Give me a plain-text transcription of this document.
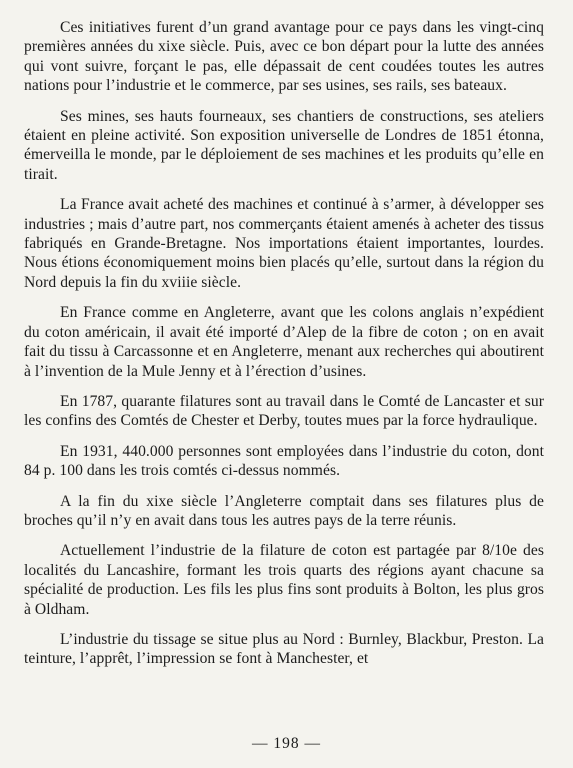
Ces initiatives furent d’un grand avantage pour ce pays dans les vingt-cinq premières années du xixe siècle. Puis, avec ce bon départ pour la lutte des années qui vont suivre, forçant le pas, elle dépassait de cent coudées toutes les autres nations pour l’industrie et le commerce, par ses usines, ses rails, ses bateaux.

Ses mines, ses hauts fourneaux, ses chantiers de constructions, ses ateliers étaient en pleine activité. Son exposition universelle de Londres de 1851 étonna, émerveilla le monde, par le déploiement de ses machines et les produits qu’elle en tirait.

La France avait acheté des machines et continué à s’armer, à développer ses industries ; mais d’autre part, nos commerçants étaient amenés à acheter des tissus fabriqués en Grande-Bretagne. Nos importations étaient importantes, lourdes. Nous étions économiquement moins bien placés qu’elle, surtout dans la région du Nord depuis la fin du xviiie siècle.

En France comme en Angleterre, avant que les colons anglais n’expédient du coton américain, il avait été importé d’Alep de la fibre de coton ; on en avait fait du tissu à Carcassonne et en Angleterre, menant aux recherches qui aboutirent à l’invention de la Mule Jenny et à l’érection d’usines.

En 1787, quarante filatures sont au travail dans le Comté de Lancaster et sur les confins des Comtés de Chester et Derby, toutes mues par la force hydraulique.

En 1931, 440.000 personnes sont employées dans l’industrie du coton, dont 84 p. 100 dans les trois comtés ci-dessus nommés.

A la fin du xixe siècle l’Angleterre comptait dans ses filatures plus de broches qu’il n’y en avait dans tous les autres pays de la terre réunis.

Actuellement l’industrie de la filature de coton est partagée par 8/10e des localités du Lancashire, formant les trois quarts des régions ayant chacune sa spécialité de production. Les fils les plus fins sont produits à Bolton, les plus gros à Oldham.

L’industrie du tissage se situe plus au Nord : Burnley, Blackbur, Preston. La teinture, l’apprêt, l’impression se font à Manchester, et

— 198 —
